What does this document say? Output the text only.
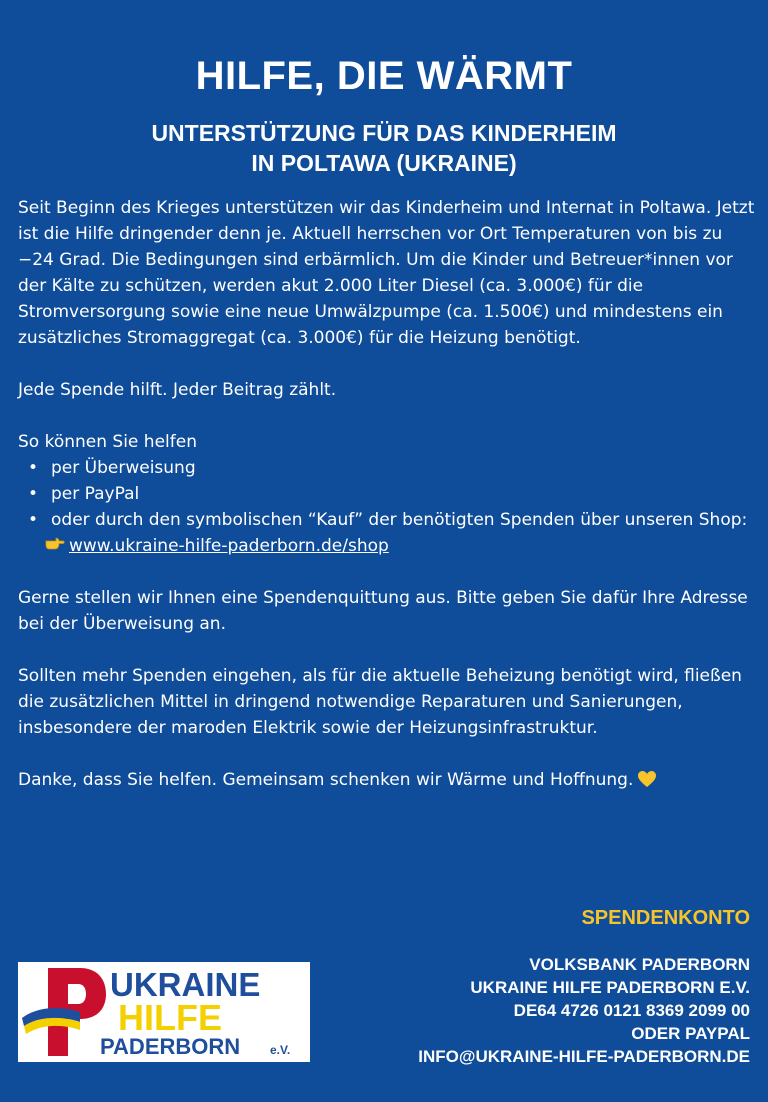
HILFE, DIE WÄRMT
UNTERSTÜTZUNG FÜR DAS KINDERHEIM
IN POLTAWA (UKRAINE)

Seit Beginn des Krieges unterstützen wir das Kinderheim und Internat in Poltawa. Jetzt ist die Hilfe dringender denn je. Aktuell herrschen vor Ort Temperaturen von bis zu −24 Grad. Die Bedingungen sind erbärmlich. Um die Kinder und Betreuer*innen vor der Kälte zu schützen, werden akut 2.000 Liter Diesel (ca. 3.000€) für die Stromversorgung sowie eine neue Umwälzpumpe (ca. 1.500€) und mindestens ein zusätzliches Stromaggregat (ca. 3.000€) für die Heizung benötigt.

Jede Spende hilft. Jeder Beitrag zählt.

So können Sie helfen

• per Überweisung
• per PayPal
• oder durch den symbolischen “Kauf” der benötigten Spenden über unseren Shop:
www.ukraine-hilfe-paderborn.de/shop

Gerne stellen wir Ihnen eine Spendenquittung aus. Bitte geben Sie dafür Ihre Adresse bei der Überweisung an.

Sollten mehr Spenden eingehen, als für die aktuelle Beheizung benötigt wird, fließen die zusätzlichen Mittel in dringend notwendige Reparaturen und Sanierungen, insbesondere der maroden Elektrik sowie der Heizungsinfrastruktur.

Danke, dass Sie helfen. Gemeinsam schenken wir Wärme und Hoffnung.

SPENDENKONTO
VOLKSBANK PADERBORN
UKRAINE HILFE PADERBORN E.V.
DE64 4726 0121 8369 2099 00
ODER PAYPAL
INFO@UKRAINE-HILFE-PADERBORN.DE
UKRAINE
HILFE
PADERBORN e.V.
